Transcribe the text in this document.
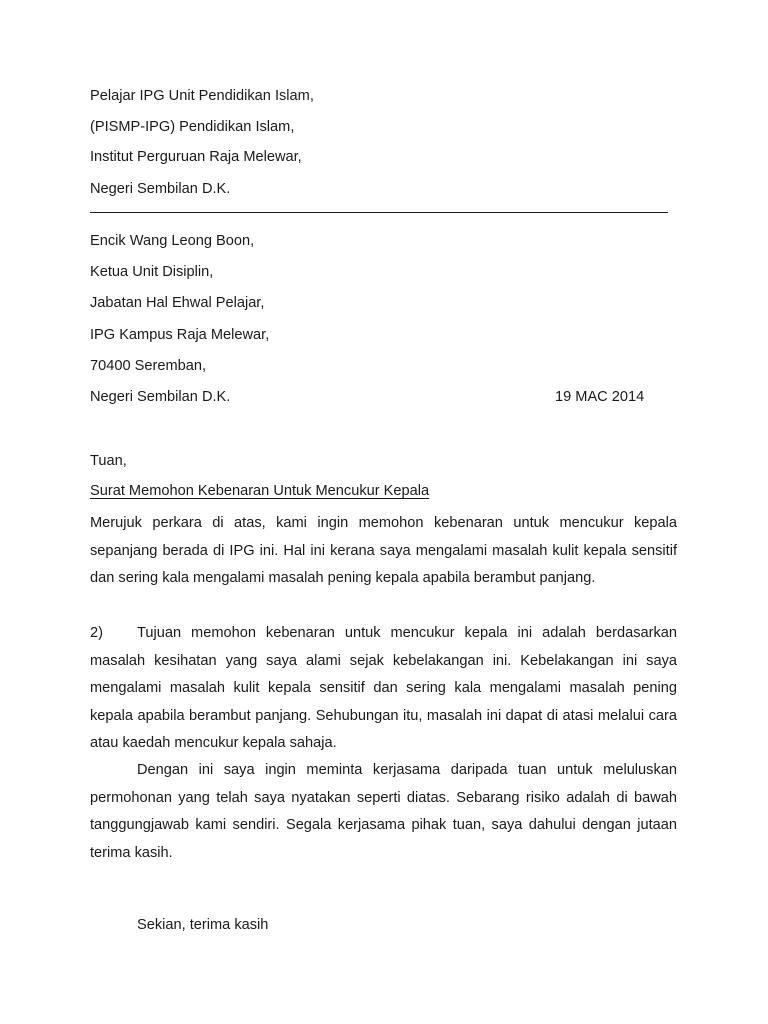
Pelajar IPG Unit Pendidikan Islam,
(PISMP-IPG) Pendidikan Islam,
Institut Perguruan Raja Melewar,
Negeri Sembilan D.K.
Encik Wang Leong Boon,
Ketua Unit Disiplin,
Jabatan Hal Ehwal Pelajar,
IPG Kampus Raja Melewar,
70400 Seremban,
Negeri Sembilan D.K.	19 MAC 2014
Tuan,
Surat Memohon Kebenaran Untuk Mencukur Kepala

Merujuk perkara di atas, kami ingin memohon kebenaran untuk mencukur kepala sepanjang berada di IPG ini. Hal ini kerana saya mengalami masalah kulit kepala sensitif dan sering kala mengalami masalah pening kepala apabila berambut panjang.

2) Tujuan memohon kebenaran untuk mencukur kepala ini adalah berdasarkan masalah kesihatan yang saya alami sejak kebelakangan ini. Kebelakangan ini saya mengalami masalah kulit kepala sensitif dan sering kala mengalami masalah pening kepala apabila berambut panjang. Sehubungan itu, masalah ini dapat di atasi melalui cara atau kaedah mencukur kepala sahaja.

Dengan ini saya ingin meminta kerjasama daripada tuan untuk meluluskan permohonan yang telah saya nyatakan seperti diatas. Sebarang risiko adalah di bawah tanggungjawab kami sendiri. Segala kerjasama pihak tuan, saya dahului dengan jutaan terima kasih.

Sekian, terima kasih
